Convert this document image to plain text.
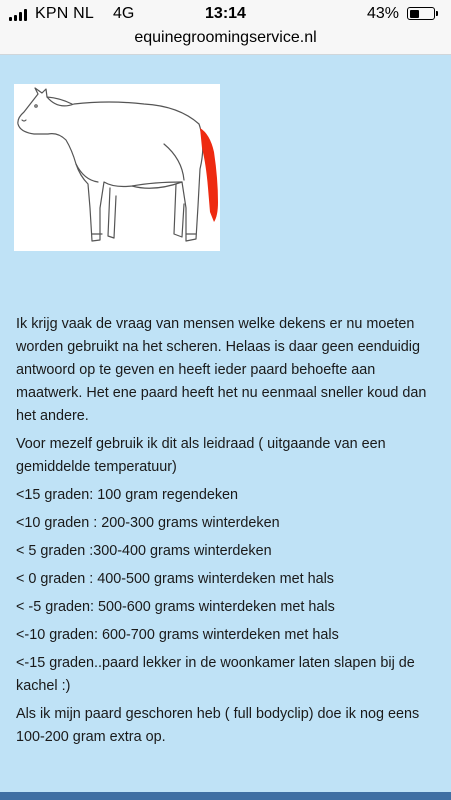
KPN NL 4G	13:14	43%
equinegroomingservice.nl

Ik krijg vaak de vraag van mensen welke dekens er nu moeten worden gebruikt na het scheren. Helaas is daar geen eenduidig antwoord op te geven en heeft ieder paard behoefte aan maatwerk. Het ene paard heeft het nu eenmaal sneller koud dan het andere.

Voor mezelf gebruik ik dit als leidraad ( uitgaande van een gemiddelde temperatuur)

<15 graden: 100 gram regendeken

<10 graden : 200-300 grams winterdeken

< 5 graden :300-400 grams winterdeken

< 0 graden : 400-500 grams winterdeken met hals

< -5 graden: 500-600 grams winterdeken met hals

<-10 graden: 600-700 grams winterdeken met hals

<-15 graden..paard lekker in de woonkamer laten slapen bij de kachel :)

Als ik mijn paard geschoren heb ( full bodyclip) doe ik nog eens 100-200 gram extra op.
